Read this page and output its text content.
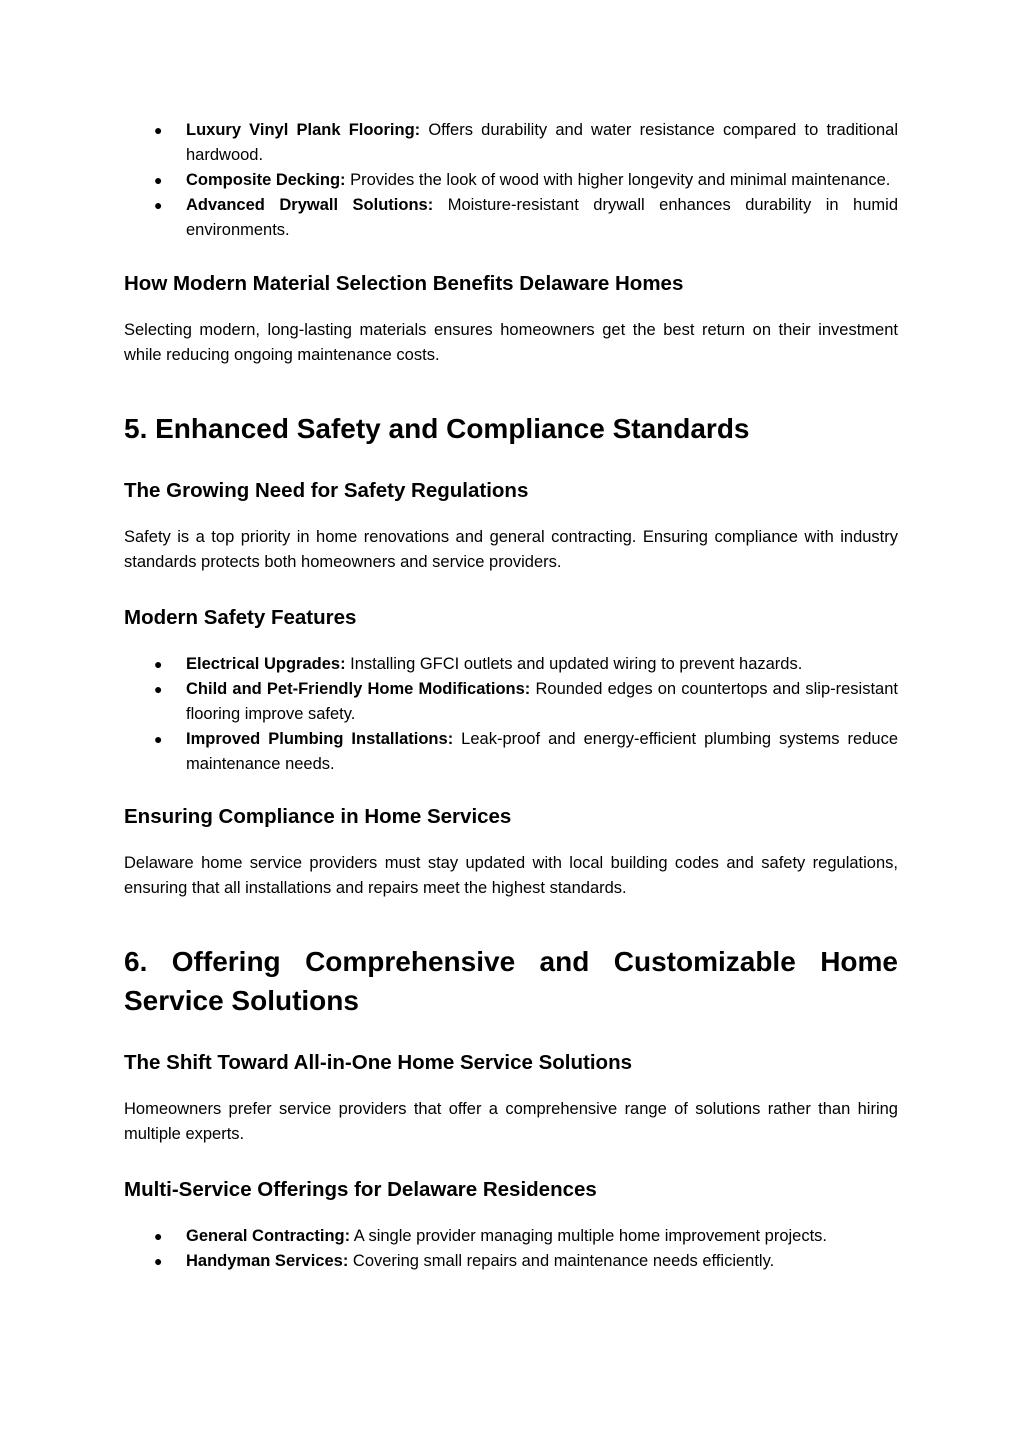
● Luxury Vinyl Plank Flooring: Offers durability and water resistance compared to traditional hardwood.
● Composite Decking: Provides the look of wood with higher longevity and minimal maintenance.
● Advanced Drywall Solutions: Moisture-resistant drywall enhances durability in humid environments.
How Modern Material Selection Benefits Delaware Homes

Selecting modern, long-lasting materials ensures homeowners get the best return on their investment while reducing ongoing maintenance costs.

5. Enhanced Safety and Compliance Standards
The Growing Need for Safety Regulations

Safety is a top priority in home renovations and general contracting. Ensuring compliance with industry standards protects both homeowners and service providers.

Modern Safety Features
● Electrical Upgrades: Installing GFCI outlets and updated wiring to prevent hazards.
● Child and Pet-Friendly Home Modifications: Rounded edges on countertops and slip-resistant flooring improve safety.
● Improved Plumbing Installations: Leak-proof and energy-efficient plumbing systems reduce maintenance needs.
Ensuring Compliance in Home Services

Delaware home service providers must stay updated with local building codes and safety regulations, ensuring that all installations and repairs meet the highest standards.

6. Offering Comprehensive and Customizable Home Service Solutions
The Shift Toward All-in-One Home Service Solutions

Homeowners prefer service providers that offer a comprehensive range of solutions rather than hiring multiple experts.

Multi-Service Offerings for Delaware Residences
● General Contracting: A single provider managing multiple home improvement projects.
● Handyman Services: Covering small repairs and maintenance needs efficiently.
